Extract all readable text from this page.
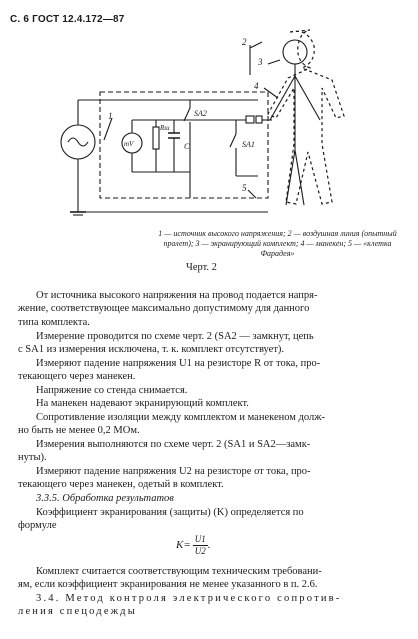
С. 6 ГОСТ 12.4.172—87
1
2
3
4
5
SA2
SA1
Rш
C
mV
1 — источник высокого напряжения; 2 — воздушная линия (опытный пролет); 3 — экранирующий комплект; 4 — манекен; 5 — «клетка Фарадея»
Черт. 2
От источника высокого напряжения на провод подается напря-
жение, соответствующее максимально допустимому для данного
типа комплекта.
Измерение проводится по схеме черт. 2 (SA2 — замкнут, цепь
с SA1 из измерения исключена, т. к. комплект отсутствует).
Измеряют падение напряжения U1 на резисторе R от тока, про-
текающего через манекен.
Напряжение со стенда снимается.
На манекен надевают экранирующий комплект.
Сопротивление изоляции между комплектом и манекеном долж-
но быть не менее 0,2 МОм.
Измерения выполняются по схеме черт. 2 (SA1 и SA2—замк-
нуты).
Измеряют падение напряжения U2 на резисторе от тока, про-
текающего через манекен, одетый в комплект.
3.3.5. Обработка результатов
Коэффициент экранирования (защиты) (K) определяется по
формуле
$K= \frac{U1}{U2}$ .
Комплект считается соответствующим техническим требовани-
ям, если коэффициент экранирования не менее указанного в п. 2.6.
3.4. Метод контроля электрического сопротив-
ления спецодежды
